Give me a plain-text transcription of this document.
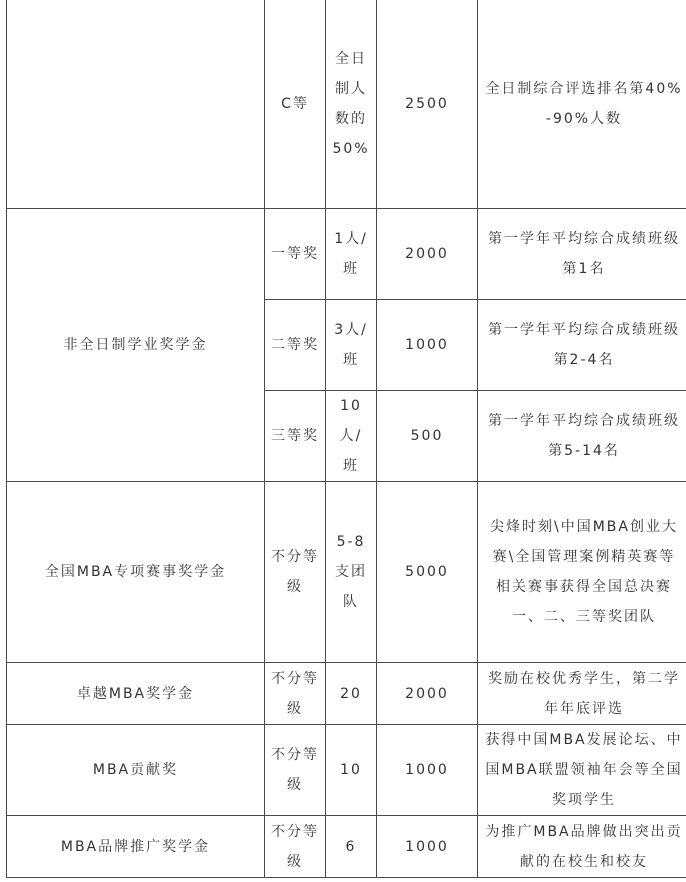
	C等	全日制人数的50%	2500	全日制综合评选排名第40%-90%人数
非全日制学业奖学金	一等奖	1人/班	2000	第一学年平均综合成绩班级第1名
	二等奖	3人/班	1000	第一学年平均综合成绩班级第2-4名
	三等奖	10人/班	500	第一学年平均综合成绩班级第5-14名
全国MBA专项赛事奖学金	不分等级	5-8支团队	5000	尖烽时刻\中国MBA创业大赛\全国管理案例精英赛等
相关赛事获得全国总决赛一、二、三等奖团队
卓越MBA奖学金	不分等级	20	2000	奖励在校优秀学生，第二学年年底评选
MBA贡献奖	不分等级	10	1000	获得中国MBA发展论坛、中国MBA联盟领袖年会等全国奖项学生
MBA品牌推广奖学金	不分等级	6	1000	为推广MBA品牌做出突出贡献的在校生和校友
